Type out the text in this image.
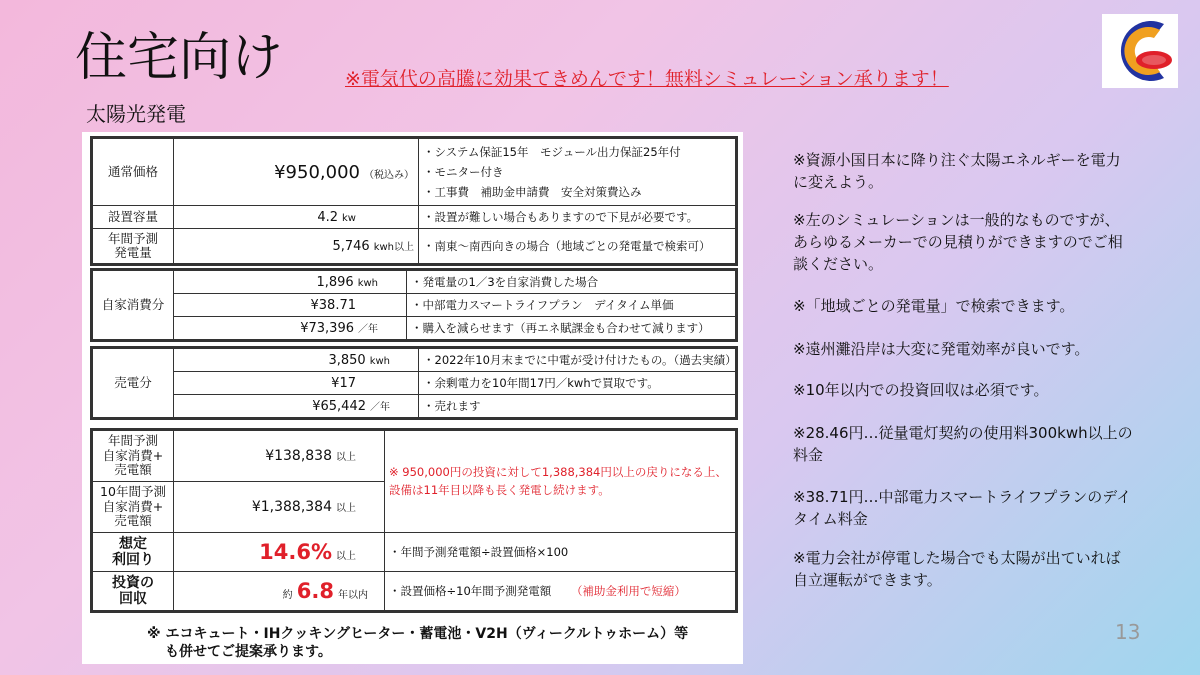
住宅向け
太陽光発電
※電気代の高騰に効果てきめんです！無料シミュレーション承ります！
通常価格	¥950,000 （税込み）	・システム保証15年　モジュール出力保証25年付
・モニター付き
・工事費　補助金申請費　安全対策費込み

設置容量	4.2 kw	・設置が難しい場合もありますので下見が必要です。

年間予測
発電量	5,746 kwh以上	・南東～南西向きの場合（地域ごとの発電量で検索可）
自家消費分	1,896 kwh	・発電量の1／3を自家消費した場合
	¥38.71	・中部電力スマートライフプラン　デイタイム単価
	¥73,396 ／年	・購入を減らせます（再エネ賦課金も合わせて減ります）
売電分	3,850 kwh	・2022年10月末までに中電が受け付けたもの。（過去実績）
	¥17	・余剰電力を10年間17円／kwhで買取です。
	¥65,442 ／年	・売れます
年間予測
自家消費+
売電額	¥138,838 以上	※ 950,000円の投資に対して1,388,384円以上の戻りになる上、設備は11年目以降も長く発電し続けます。

10年間予測
自家消費+
売電額	¥1,388,384 以上	

想定
利回り	14.6% 以上	・年間予測発電額÷設置価格×100

投資の
回収	約 6.8 年以内	・設置価格÷10年間予測発電額 （補助金利用で短縮）
※ エコキュート・IHクッキングヒーター・蓄電池・V2H（ヴィークルトゥホーム）等
も併せてご提案承ります。
※資源小国日本に降り注ぐ太陽エネルギーを電力に変えよう。
※左のシミュレーションは一般的なものですが、あらゆるメーカーでの見積りができますのでご相談ください。
※「地域ごとの発電量」で検索できます。
※遠州灘沿岸は大変に発電効率が良いです。
※10年以内での投資回収は必須です。
※28.46円…従量電灯契約の使用料300kwh以上の料金
※38.71円…中部電力スマートライフプランのデイタイム料金
※電力会社が停電した場合でも太陽が出ていれば自立運転ができます。
13
